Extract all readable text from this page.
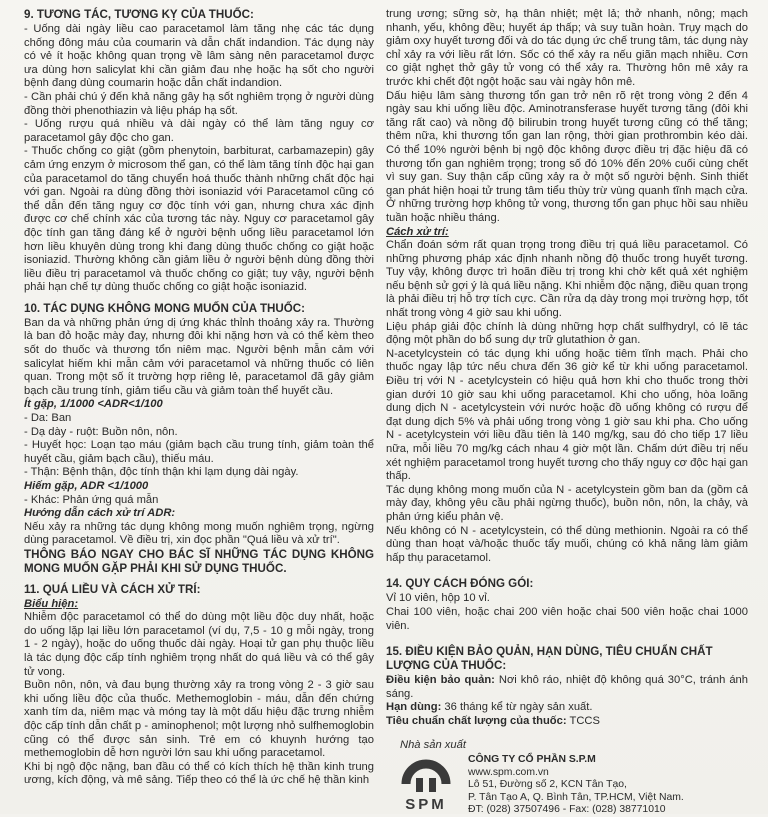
9. TƯƠNG TÁC, TƯƠNG KỴ CỦA THUỐC:

- Uống dài ngày liều cao paracetamol làm tăng nhẹ các tác dụng chống đông máu của coumarin và dẫn chất indandion. Tác dụng này có vẻ ít hoặc không quan trọng về lâm sàng nên paracetamol được ưa dùng hơn salicylat khi cần giảm đau nhẹ hoặc hạ sốt cho người bệnh đang dùng coumarin hoặc dẫn chất indandion.

- Cần phải chú ý đến khả năng gây hạ sốt nghiêm trọng ở người dùng đồng thời phenothiazin và liệu pháp hạ sốt.

- Uống rượu quá nhiều và dài ngày có thể làm tăng nguy cơ paracetamol gây độc cho gan.

- Thuốc chống co giật (gồm phenytoin, barbiturat, carbamazepin) gây cảm ứng enzym ở microsom thể gan, có thể làm tăng tính độc hại gan của paracetamol do tăng chuyển hoá thuốc thành những chất độc hại với gan. Ngoài ra dùng đồng thời isoniazid với Paracetamol cũng có thể dẫn đến tăng nguy cơ độc tính với gan, nhưng chưa xác định được cơ chế chính xác của tương tác này. Nguy cơ paracetamol gây độc tính gan tăng đáng kể ở người bệnh uống liều paracetamol lớn hơn liều khuyên dùng trong khi đang dùng thuốc chống co giật hoặc isoniazid. Thường không cần giảm liều ở người bệnh dùng đồng thời liều điều trị paracetamol và thuốc chống co giật; tuy vậy, người bệnh phải hạn chế tự dùng thuốc chống co giật hoặc isoniazid.

10. TÁC DỤNG KHÔNG MONG MUỐN CỦA THUỐC:

Ban da và những phản ứng dị ứng khác thỉnh thoảng xảy ra. Thường là ban đỏ hoặc mày đay, nhưng đôi khi nặng hơn và có thể kèm theo sốt do thuốc và thương tổn niêm mạc. Người bệnh mẫn cảm với salicylat hiếm khi mẫn cảm với paracetamol và những thuốc có liên quan. Trong một số ít trường hợp riêng lẻ, paracetamol đã gây giảm bạch cầu trung tính, giảm tiểu cầu và giảm toàn thể huyết cầu.

Ít gặp, 1/1000 <ADR<1/100

- Da: Ban

- Dạ dày - ruột: Buồn nôn, nôn.

- Huyết học: Loạn tạo máu (giảm bạch cầu trung tính, giảm toàn thể huyết cầu, giảm bạch cầu), thiếu máu.

- Thận: Bệnh thận, độc tính thận khi lạm dụng dài ngày.

Hiếm gặp, ADR <1/1000

- Khác: Phản ứng quá mẫn

Hướng dẫn cách xử trí ADR:

Nếu xảy ra những tác dụng không mong muốn nghiêm trọng, ngừng dùng paracetamol. Về điều trị, xin đọc phần "Quá liều và xử trí".

THÔNG BÁO NGAY CHO BÁC SĨ NHỮNG TÁC DỤNG KHÔNG MONG MUỐN GẶP PHẢI KHI SỬ DỤNG THUỐC.

11. QUÁ LIỀU VÀ CÁCH XỬ TRÍ:

Biểu hiện:

Nhiễm độc paracetamol có thể do dùng một liều độc duy nhất, hoặc do uống lặp lại liều lớn paracetamol (ví dụ, 7,5 - 10 g mỗi ngày, trong 1 - 2 ngày), hoặc do uống thuốc dài ngày. Hoại tử gan phụ thuộc liều là tác dụng độc cấp tính nghiêm trọng nhất do quá liều và có thể gây tử vong.

Buồn nôn, nôn, và đau bụng thường xảy ra trong vòng 2 - 3 giờ sau khi uống liều độc của thuốc. Methemoglobin - máu, dẫn đến chứng xanh tím da, niêm mạc và móng tay là một dấu hiệu đặc trưng nhiễm độc cấp tính dẫn chất p - aminophenol; một lượng nhỏ sulfhemoglobin cũng có thể được sản sinh. Trẻ em có khuynh hướng tạo methemoglobin dễ hơn người lớn sau khi uống paracetamol.

Khi bị ngộ độc nặng, ban đầu có thể có kích thích hệ thần kinh trung ương, kích động, và mê sảng. Tiếp theo có thể là ức chế hệ thần kinh

trung ương; sững sờ, hạ thân nhiệt; mệt lả; thở nhanh, nông; mạch nhanh, yếu, không đều; huyết áp thấp; và suy tuần hoàn. Trụy mạch do giảm oxy huyết tương đối và do tác dụng ức chế trung tâm, tác dụng này chỉ xảy ra với liều rất lớn. Sốc có thể xảy ra nếu giãn mạch nhiều. Cơn co giật nghẹt thở gây tử vong có thể xảy ra. Thường hôn mê xảy ra trước khi chết đột ngột hoặc sau vài ngày hôn mê.

Dấu hiệu lâm sàng thương tổn gan trở nên rõ rệt trong vòng 2 đến 4 ngày sau khi uống liều độc. Aminotransferase huyết tương tăng (đôi khi tăng rất cao) và nồng độ bilirubin trong huyết tương cũng có thể tăng; thêm nữa, khi thương tổn gan lan rộng, thời gian prothrombin kéo dài. Có thể 10% người bệnh bị ngộ độc không được điều trị đặc hiệu đã có thương tổn gan nghiêm trọng; trong số đó 10% đến 20% cuối cùng chết vì suy gan. Suy thận cấp cũng xảy ra ở một số người bệnh. Sinh thiết gan phát hiện hoại tử trung tâm tiểu thùy trừ vùng quanh tĩnh mạch cửa. Ở những trường hợp không tử vong, thương tổn gan phục hồi sau nhiều tuần hoặc nhiều tháng.

Cách xử trí:

Chẩn đoán sớm rất quan trọng trong điều trị quá liều paracetamol. Có những phương pháp xác định nhanh nồng độ thuốc trong huyết tương. Tuy vậy, không được trì hoãn điều trị trong khi chờ kết quả xét nghiệm nếu bệnh sử gợi ý là quá liều nặng. Khi nhiễm độc nặng, điều quan trọng là phải điều trị hỗ trợ tích cực. Cần rửa dạ dày trong mọi trường hợp, tốt nhất trong vòng 4 giờ sau khi uống.

Liệu pháp giải độc chính là dùng những hợp chất sulfhydryl, có lẽ tác động một phần do bổ sung dự trữ glutathion ở gan.

N-acetylcystein có tác dụng khi uống hoặc tiêm tĩnh mạch. Phải cho thuốc ngay lập tức nếu chưa đến 36 giờ kể từ khi uống paracetamol. Điều trị với N - acetylcystein có hiệu quả hơn khi cho thuốc trong thời gian dưới 10 giờ sau khi uống paracetamol. Khi cho uống, hòa loãng dung dịch N - acetylcystein với nước hoặc đồ uống không có rượu để đạt dung dịch 5% và phải uống trong vòng 1 giờ sau khi pha. Cho uống N - acetylcystein với liều đầu tiên là 140 mg/kg, sau đó cho tiếp 17 liều nữa, mỗi liều 70 mg/kg cách nhau 4 giờ một lần. Chấm dứt điều trị nếu xét nghiệm paracetamol trong huyết tương cho thấy nguy cơ độc hại gan thấp.

Tác dụng không mong muốn của N - acetylcystein gồm ban da (gồm cả mày đay, không yêu cầu phải ngừng thuốc), buồn nôn, nôn, la chảy, và phản ứng kiểu phản vệ.

Nếu không có N - acetylcystein, có thể dùng methionin. Ngoài ra có thể dùng than hoạt và/hoặc thuốc tẩy muối, chúng có khả năng làm giảm hấp thụ paracetamol.

14. QUY CÁCH ĐÓNG GÓI:

Vỉ 10 viên, hộp 10 vỉ.

Chai 100 viên, hoặc chai 200 viên hoặc chai 500 viên hoặc chai 1000 viên.

15. ĐIỀU KIỆN BẢO QUẢN, HẠN DÙNG, TIÊU CHUẨN CHẤT LƯỢNG CỦA THUỐC:

Điều kiện bảo quản: Nơi khô ráo, nhiệt độ không quá 30°C, tránh ánh sáng.

Hạn dùng: 36 tháng kể từ ngày sản xuất.

Tiêu chuẩn chất lượng của thuốc: TCCS

Nhà sản xuất
SPM
CÔNG TY CỔ PHẦN S.P.M
www.spm.com.vn
Lô 51, Đường số 2, KCN Tân Tạo,
P. Tân Tạo A, Q. Bình Tân, TP.HCM, Việt Nam.
ĐT: (028) 37507496 - Fax: (028) 38771010
